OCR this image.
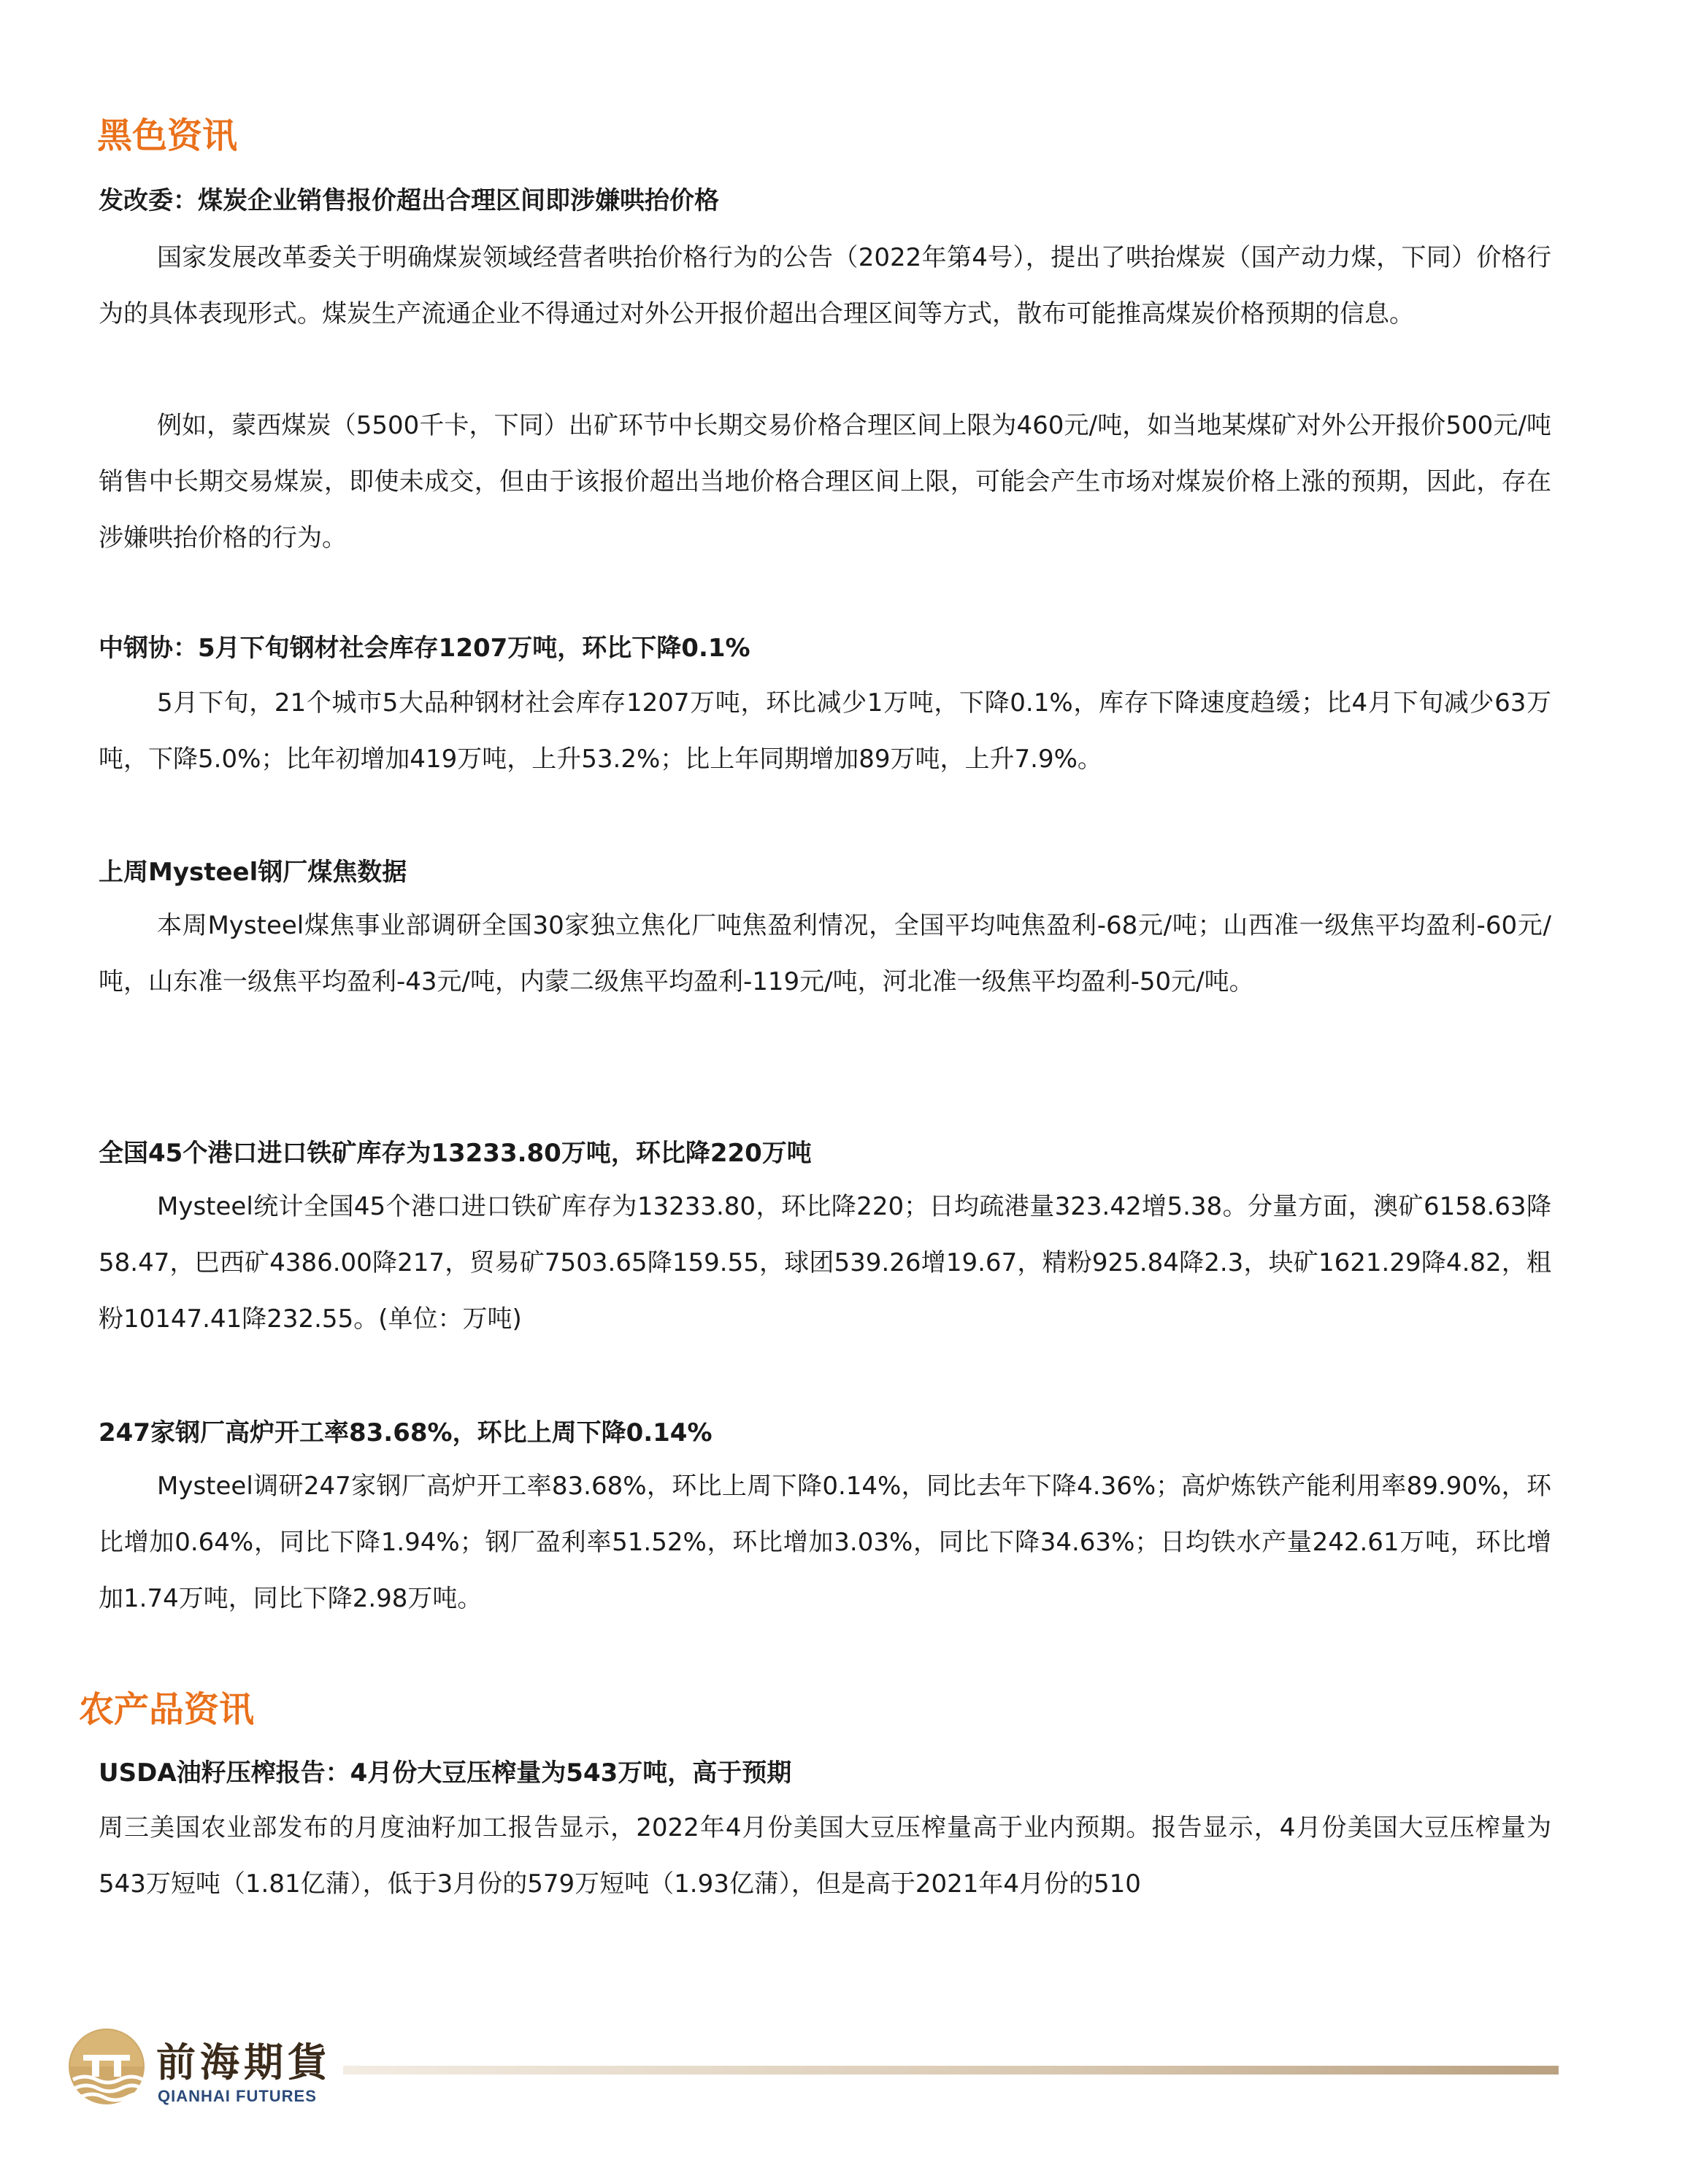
黑色资讯
发改委：煤炭企业销售报价超出合理区间即涉嫌哄抬价格

国家发展改革委关于明确煤炭领域经营者哄抬价格行为的公告（2022年第4号），提出了哄抬煤炭（国产动力煤，下同）价格行为的具体表现形式。煤炭生产流通企业不得通过对外公开报价超出合理区间等方式，散布可能推高煤炭价格预期的信息。

例如，蒙西煤炭（5500千卡，下同）出矿环节中长期交易价格合理区间上限为460元/吨，如当地某煤矿对外公开报价500元/吨销售中长期交易煤炭，即使未成交，但由于该报价超出当地价格合理区间上限，可能会产生市场对煤炭价格上涨的预期，因此，存在涉嫌哄抬价格的行为。

中钢协：5月下旬钢材社会库存1207万吨，环比下降0.1%

5月下旬，21个城市5大品种钢材社会库存1207万吨，环比减少1万吨，下降0.1%，库存下降速度趋缓；比4月下旬减少63万吨，下降5.0%；比年初增加419万吨，上升53.2%；比上年同期增加89万吨，上升7.9%。

上周Mysteel钢厂煤焦数据

本周Mysteel煤焦事业部调研全国30家独立焦化厂吨焦盈利情况，全国平均吨焦盈利-68元/吨；山西准一级焦平均盈利-60元/吨，山东准一级焦平均盈利-43元/吨，内蒙二级焦平均盈利-119元/吨，河北准一级焦平均盈利-50元/吨。

全国45个港口进口铁矿库存为13233.80万吨，环比降220万吨

Mysteel统计全国45个港口进口铁矿库存为13233.80，环比降220；日均疏港量323.42增5.38。分量方面，澳矿6158.63降58.47，巴西矿4386.00降217，贸易矿7503.65降159.55，球团539.26增19.67，精粉925.84降2.3，块矿1621.29降4.82，粗粉10147.41降232.55。(单位：万吨)

247家钢厂高炉开工率83.68%，环比上周下降0.14%

Mysteel调研247家钢厂高炉开工率83.68%，环比上周下降0.14%，同比去年下降4.36%；高炉炼铁产能利用率89.90%，环比增加0.64%，同比下降1.94%；钢厂盈利率51.52%，环比增加3.03%，同比下降34.63%；日均铁水产量242.61万吨，环比增加1.74万吨，同比下降2.98万吨。

农产品资讯
USDA油籽压榨报告：4月份大豆压榨量为543万吨，高于预期

周三美国农业部发布的月度油籽加工报告显示，2022年4月份美国大豆压榨量高于业内预期。报告显示，4月份美国大豆压榨量为543万短吨（1.81亿蒲），低于3月份的579万短吨（1.93亿蒲），但是高于2021年4月份的510

前海期貨
QIANHAI FUTURES
